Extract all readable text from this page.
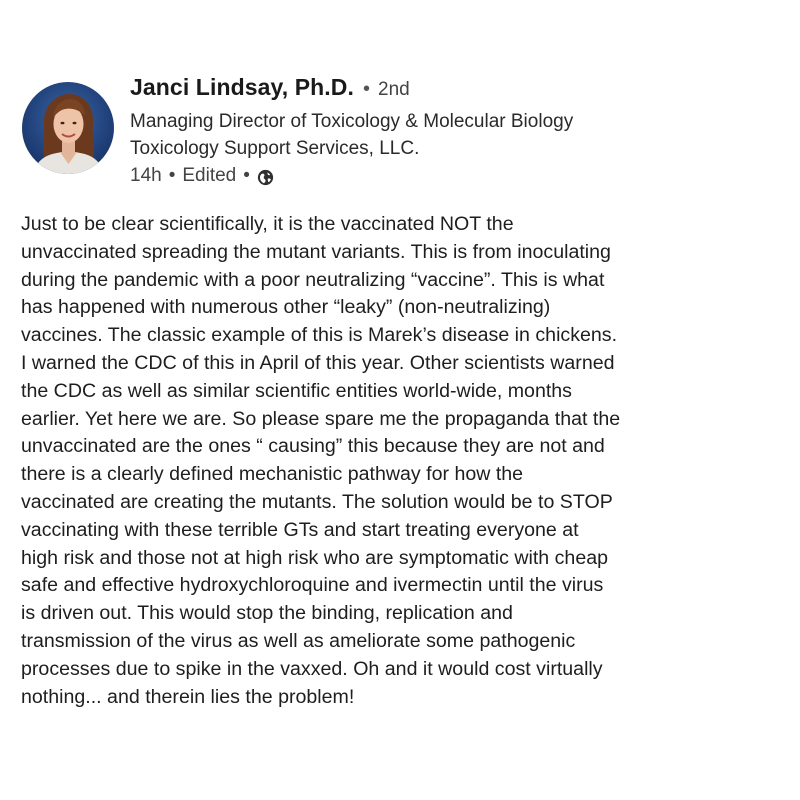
Janci Lindsay, Ph.D. • 2nd
Managing Director of Toxicology & Molecular Biology
Toxicology Support Services, LLC.
14h • Edited •
Just to be clear scientifically, it is the vaccinated NOT the
unvaccinated spreading the mutant variants. This is from inoculating
during the pandemic with a poor neutralizing “vaccine”. This is what
has happened with numerous other “leaky” (non-neutralizing)
vaccines. The classic example of this is Marek’s disease in chickens.
I warned the CDC of this in April of this year. Other scientists warned
the CDC as well as similar scientific entities world-wide, months
earlier. Yet here we are. So please spare me the propaganda that the
unvaccinated are the ones “ causing” this because they are not and
there is a clearly defined mechanistic pathway for how the
vaccinated are creating the mutants. The solution would be to STOP
vaccinating with these terrible GTs and start treating everyone at
high risk and those not at high risk who are symptomatic with cheap
safe and effective hydroxychloroquine and ivermectin until the virus
is driven out. This would stop the binding, replication and
transmission of the virus as well as ameliorate some pathogenic
processes due to spike in the vaxxed. Oh and it would cost virtually
nothing... and therein lies the problem!
